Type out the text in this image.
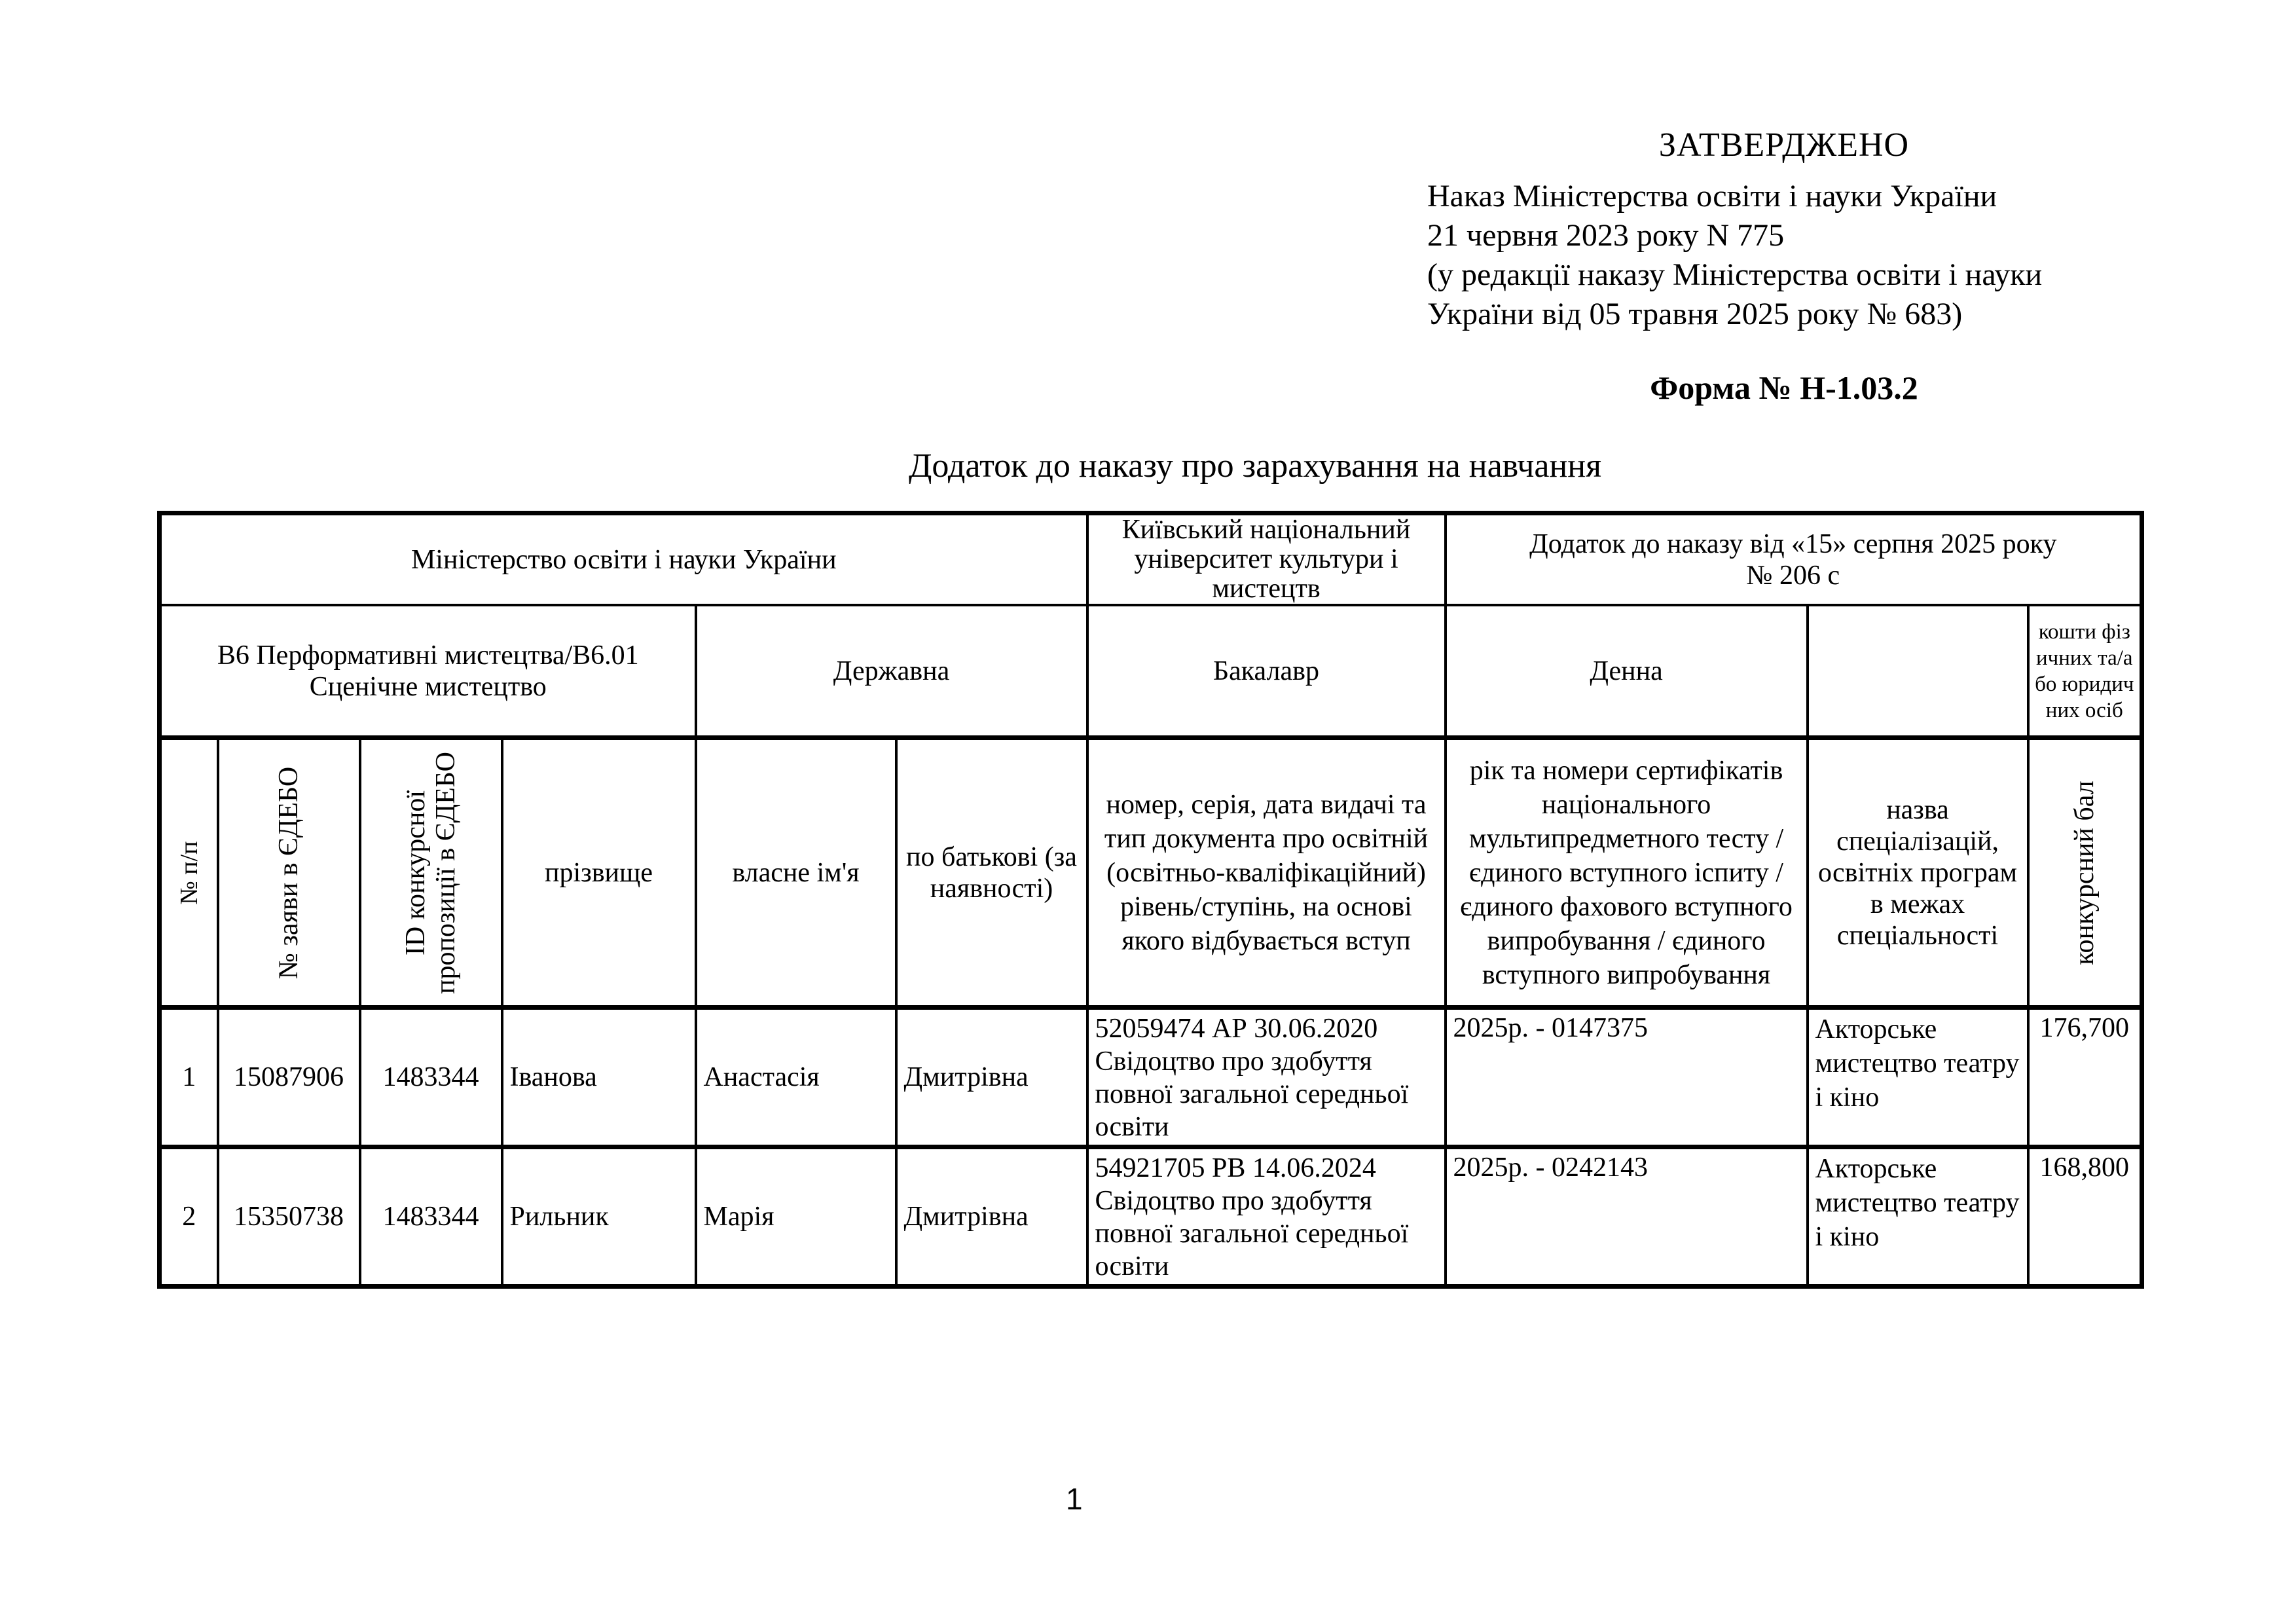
ЗАТВЕРДЖЕНО
Наказ Міністерства освіти і науки України
21 червня 2023 року N 775
(у редакції наказу Міністерства освіти і науки
України від 05 травня 2025 року № 683)
Форма № Н-1.03.2
Додаток до наказу про зарахування на навчання
Міністерство освіти і науки України						Київський національний університет культури і мистецтв	Додаток до наказу від «15» серпня 2025 року
№ 206 с		

В6 Перформативні мистецтва/В6.01 Сценічне мистецтво				Державна		Бакалавр	Денна		кошти фізичних та/або юридичних осіб

№ п/п	№ заяви в ЄДЕБО	ID конкурсної пропозиції в ЄДЕБО	прізвище	власне ім'я	по батькові (за наявності)	номер, серія, дата видачі та тип документа про освітній (освітньо-кваліфікаційний) рівень/ступінь, на основі якого відбувається вступ	рік та номери сертифікатів національного мультипредметного тесту / єдиного вступного іспиту / єдиного фахового вступного випробування / єдиного вступного випробування	назва спеціалізацій, освітніх програм в межах спеціальності	конкурсний бал

1	15087906	1483344	Іванова	Анастасія	Дмитрівна	52059474 АР 30.06.2020 Свідоцтво про здобуття повної загальної середньої освіти	2025р. - 0147375	Акторське мистецтво театру і кіно	176,700
2	15350738	1483344	Рильник	Марія	Дмитрівна	54921705 РВ 14.06.2024 Свідоцтво про здобуття повної загальної середньої освіти	2025р. - 0242143	Акторське мистецтво театру і кіно	168,800
1
